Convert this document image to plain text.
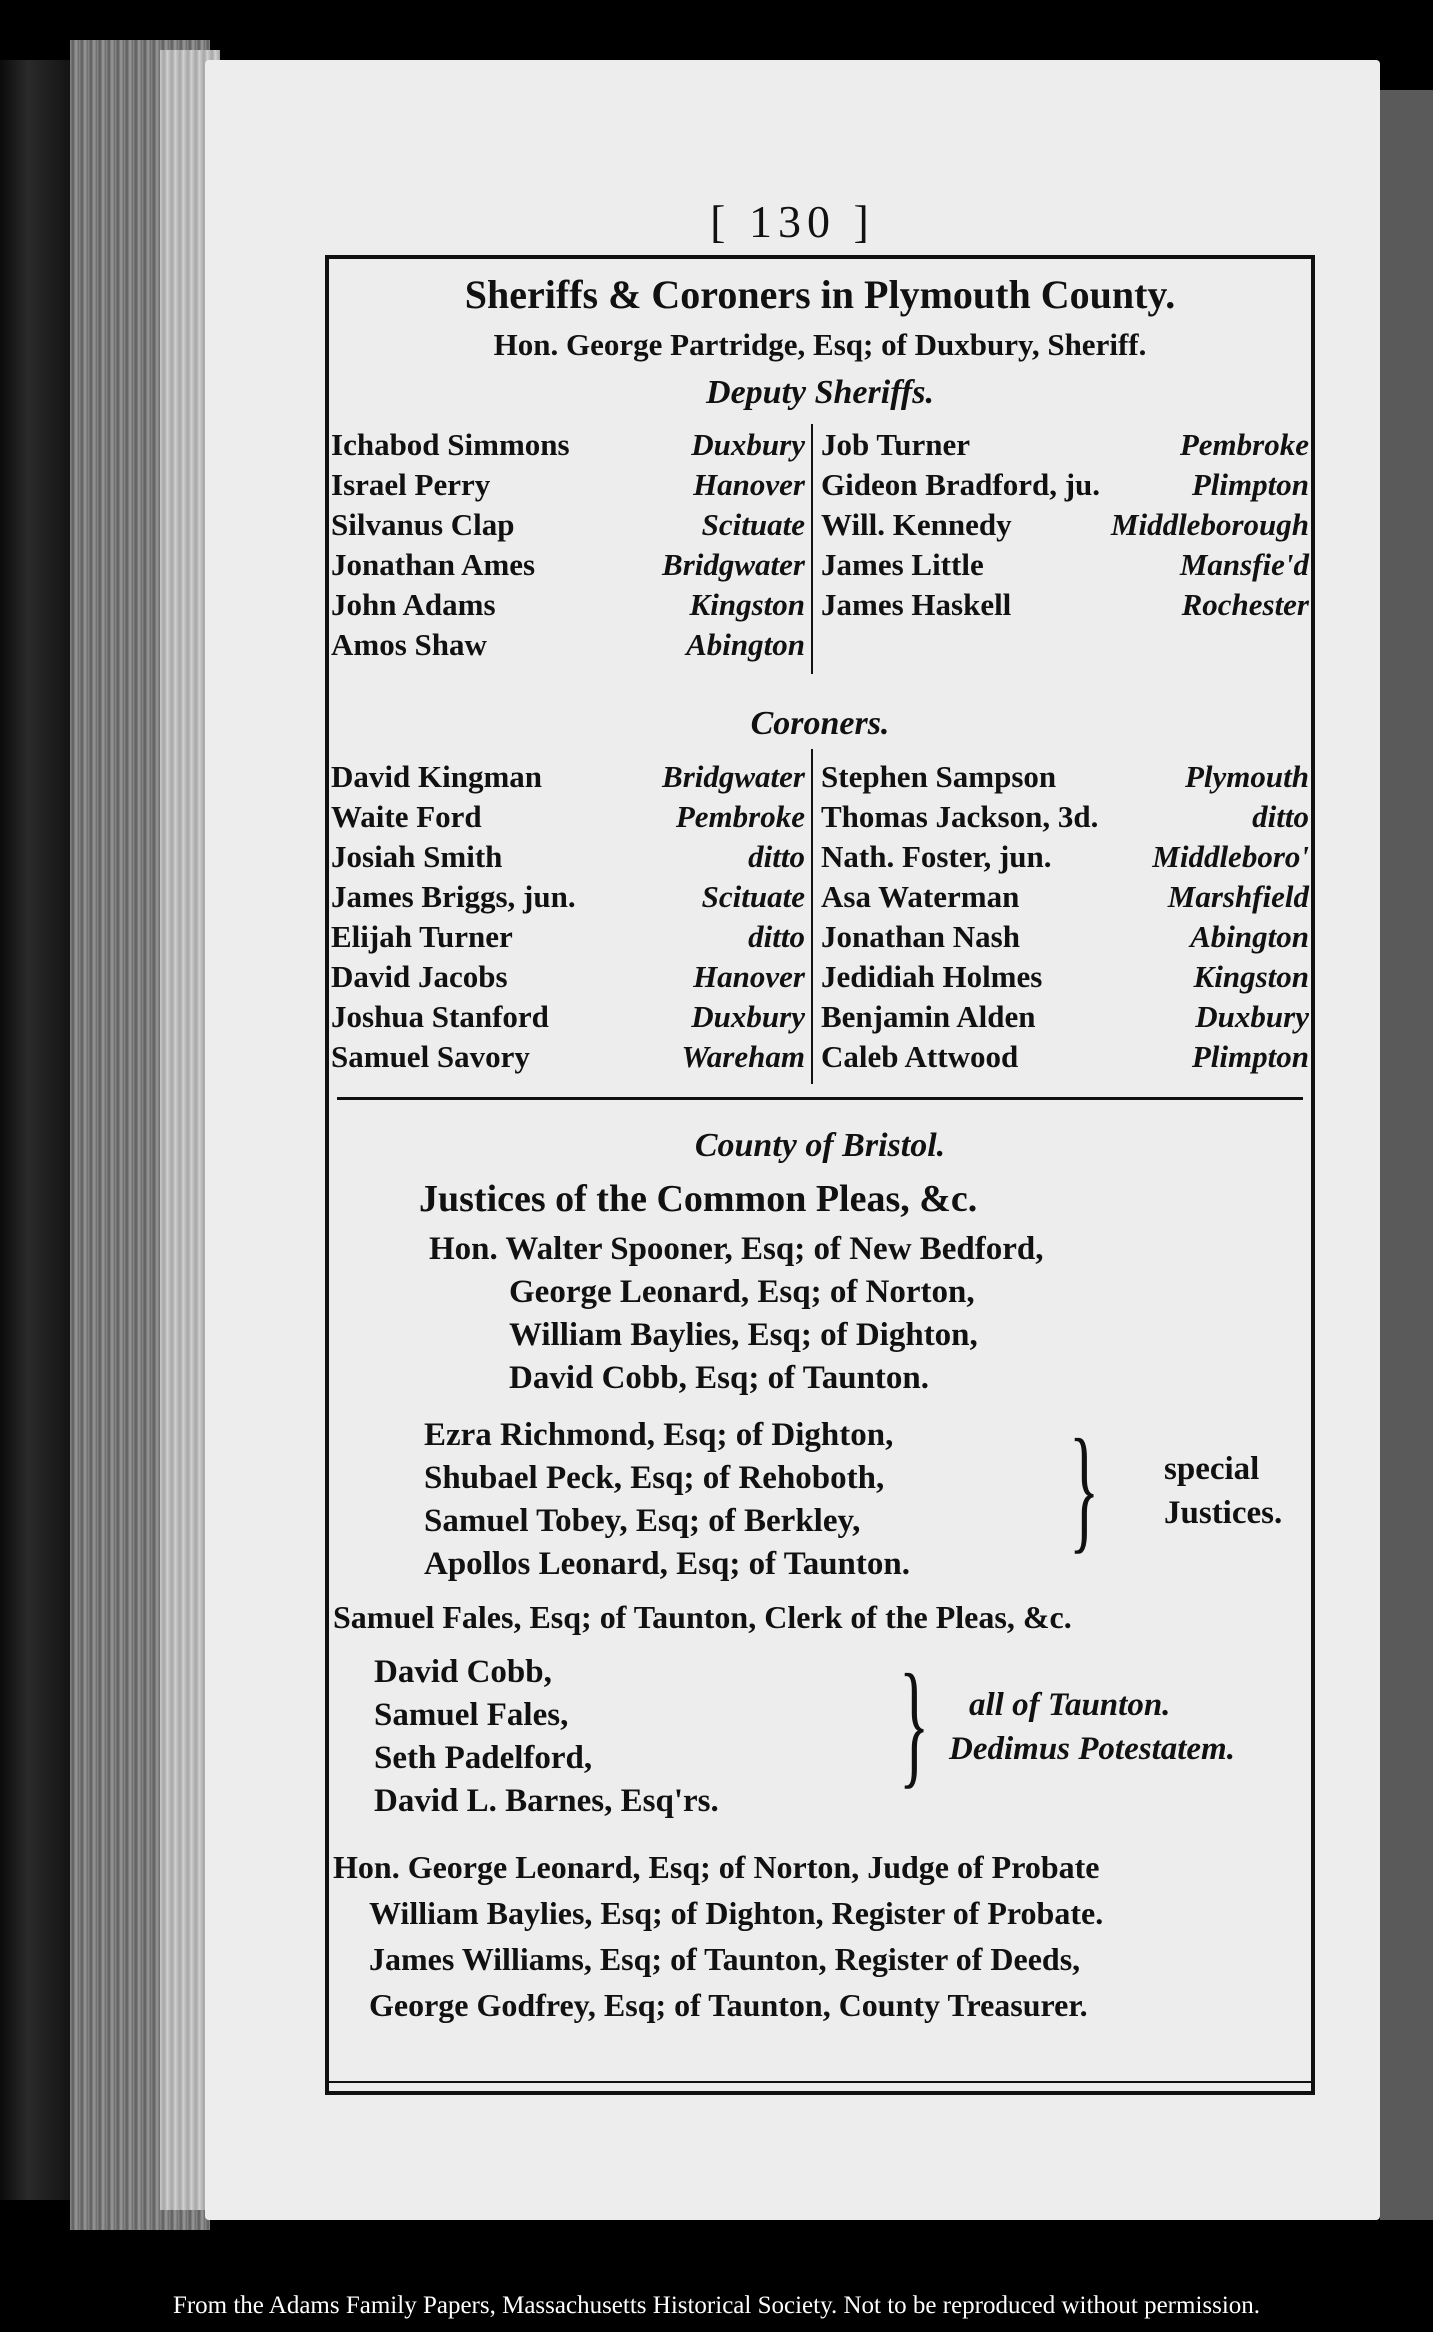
[ 130 ]
Sheriffs & Coroners in Plymouth County.
Hon. George Partridge, Esq; of Duxbury, Sheriff.
Deputy Sheriffs.
Ichabod Simmons	Duxbury
Israel Perry	Hanover
Silvanus Clap	Scituate
Jonathan Ames	Bridgwater
John Adams	Kingston
Amos Shaw	Abington
Job Turner	Pembroke
Gideon Bradford, ju.	Plimpton
Will. Kennedy	Middleborough
James Little	Mansfie'd
James Haskell	Rochester
Coroners.
David Kingman	Bridgwater
Waite Ford	Pembroke
Josiah Smith	ditto
James Briggs, jun.	Scituate
Elijah Turner	ditto
David Jacobs	Hanover
Joshua Stanford	Duxbury
Samuel Savory	Wareham
Stephen Sampson	Plymouth
Thomas Jackson, 3d.	ditto
Nath. Foster, jun.	Middleboro'
Asa Waterman	Marshfield
Jonathan Nash	Abington
Jedidiah Holmes	Kingston
Benjamin Alden	Duxbury
Caleb Attwood	Plimpton
County of Bristol.
Justices of the Common Pleas, &c.
Hon. Walter Spooner, Esq; of New Bedford,
George Leonard, Esq; of Norton,
William Baylies, Esq; of Dighton,
David Cobb, Esq; of Taunton.
Ezra Richmond, Esq; of Dighton,
Shubael Peck, Esq; of Rehoboth,
Samuel Tobey, Esq; of Berkley,
Apollos Leonard, Esq; of Taunton. } special
Justices.
Samuel Fales, Esq; of Taunton, Clerk of the Pleas, &c.
David Cobb,
Samuel Fales,
Seth Padelford,
David L. Barnes, Esq'rs. } all of Taunton.
Dedimus Potestatem.
Hon. George Leonard, Esq; of Norton, Judge of Probate
William Baylies, Esq; of Dighton, Register of Probate.
James Williams, Esq; of Taunton, Register of Deeds,
George Godfrey, Esq; of Taunton, County Treasurer.
From the Adams Family Papers, Massachusetts Historical Society. Not to be reproduced without permission.
